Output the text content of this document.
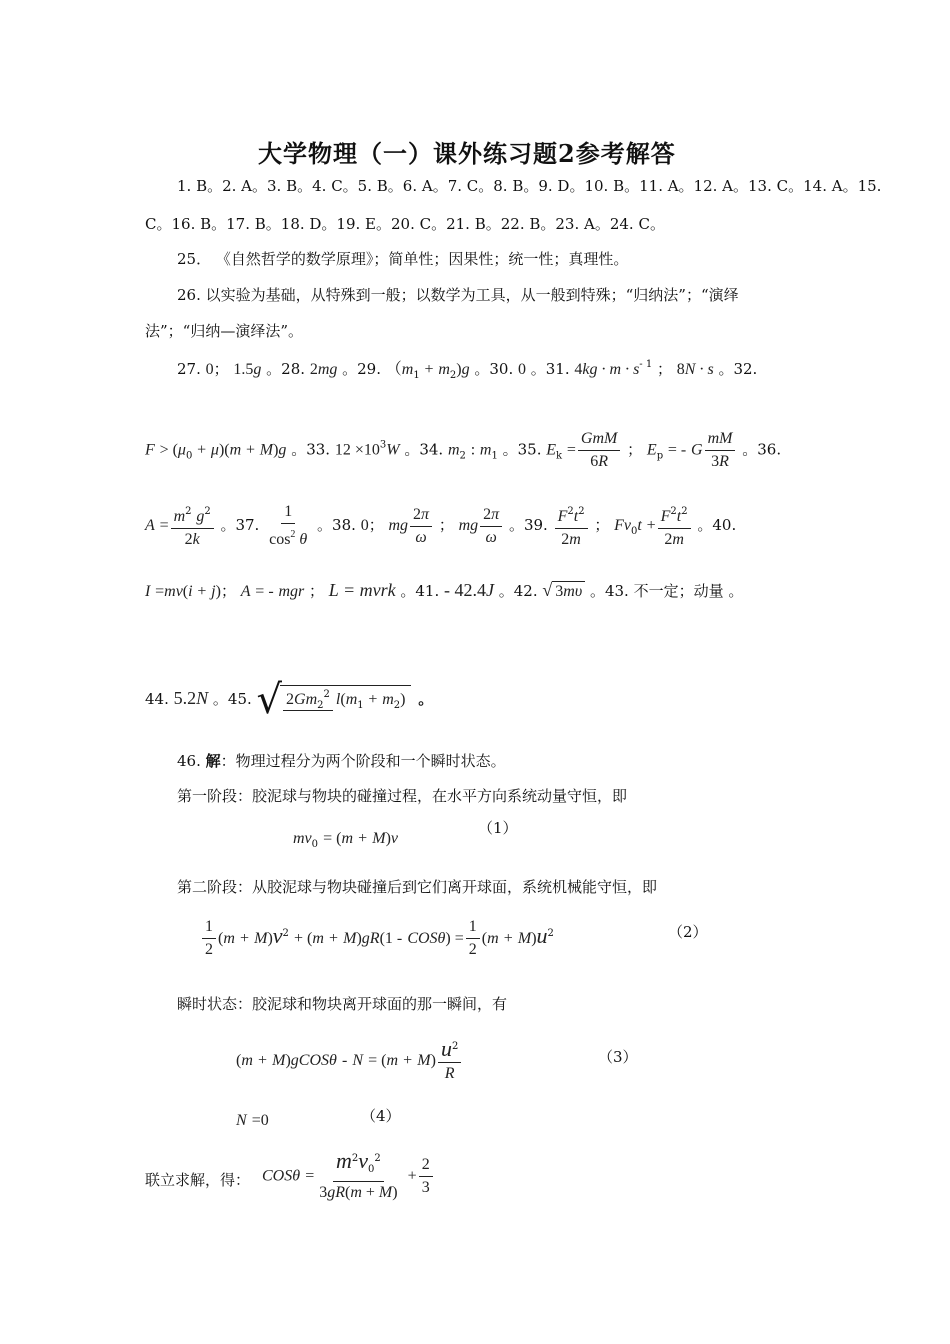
大学物理（一）课外练习题2参考解答
1. B。2. A。3. B。4. C。5. B。6. A。7. C。8. B。9. D。10. B。11. A。12. A。13. C。14. A。15.
C。16. B。17. B。18. D。19. E。20. C。21. B。22. B。23. A。24. C。
25． 《自然哲学的数学原理》；简单性；因果性；统一性；真理性。
26. 以实验为基础，从特殊到一般；以数学为工具，从一般到特殊；“归纳法”；“演绎
法”；“归纳—演绎法”。
27. 0； 1.5g 。28. 2mg 。29. $(m_1 + m_2)g$ 。30. 0 。31. $4kg \cdot m \cdot s^{- 1}$ ； 8N · s 。32.
$F > (\mu_0 + \mu)(m + M)g$ 。33. $12 \times 10^3W$ 。34. $m_2$ : $m_1$ 。35. $E_k = \frac{\text{GmM}}{6R}$ ； $E_p$ = - G $\frac{mM}{3R}$ 。36.
$A = \frac{m^2 g^2}{2k}$ 。37. $\frac{1}{\cos^2 \theta}$ 。38. 0； mg $\frac{2\pi}{\omega}$ ； mg $\frac{2\pi}{\omega}$ 。39. $\frac{F^2t^2}{2m}$ ； $Fv_0t + \frac{F^2t^2}{2m}$ 。40.
I =mv(i + j)； A = - mgr ； L = mvrk 。41. - 42.4J 。42. √ 3mυ 。43. 不一定；动量 。
44. 5.2N 。45. √ $2Gm_2^2$ $l(m_1 + m_2)$ 。
46. 解：物理过程分为两个阶段和一个瞬时状态。
第一阶段：胶泥球与物块的碰撞过程，在水平方向系统动量守恒，即
$mv_0 = (m + M)v$
（1）
第二阶段：从胶泥球与物块碰撞后到它们离开球面，系统机械能守恒，即
$\frac{1}{2} (m + M)v^2 + (m + M)gR(1 - COS\theta) = \frac{1}{2} (m + M)u^2$	（2）
瞬时状态：胶泥球和物块离开球面的那一瞬间，有
(m + M)gCOSθ - $N = (m + M) \frac{u^2}{R}$	（3）
N =0	（4）
联立求解，得： $COS\theta = \frac{m^2v_0^2}{3gR(m + M)} + \frac{2}{3}$
